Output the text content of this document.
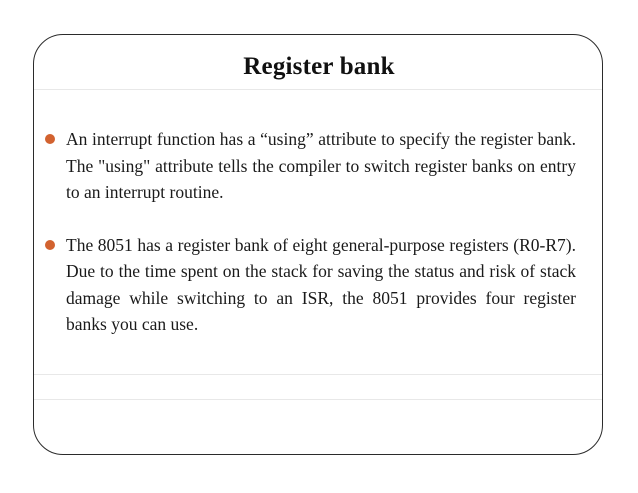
Register bank
An interrupt function has a “using” attribute to specify the register bank. The "using" attribute tells the compiler to switch register banks on entry to an interrupt routine.
The 8051 has a register bank of eight general-purpose registers (R0-R7). Due to the time spent on the stack for saving the status and risk of stack damage while switching to an ISR, the 8051 provides four register banks you can use.
